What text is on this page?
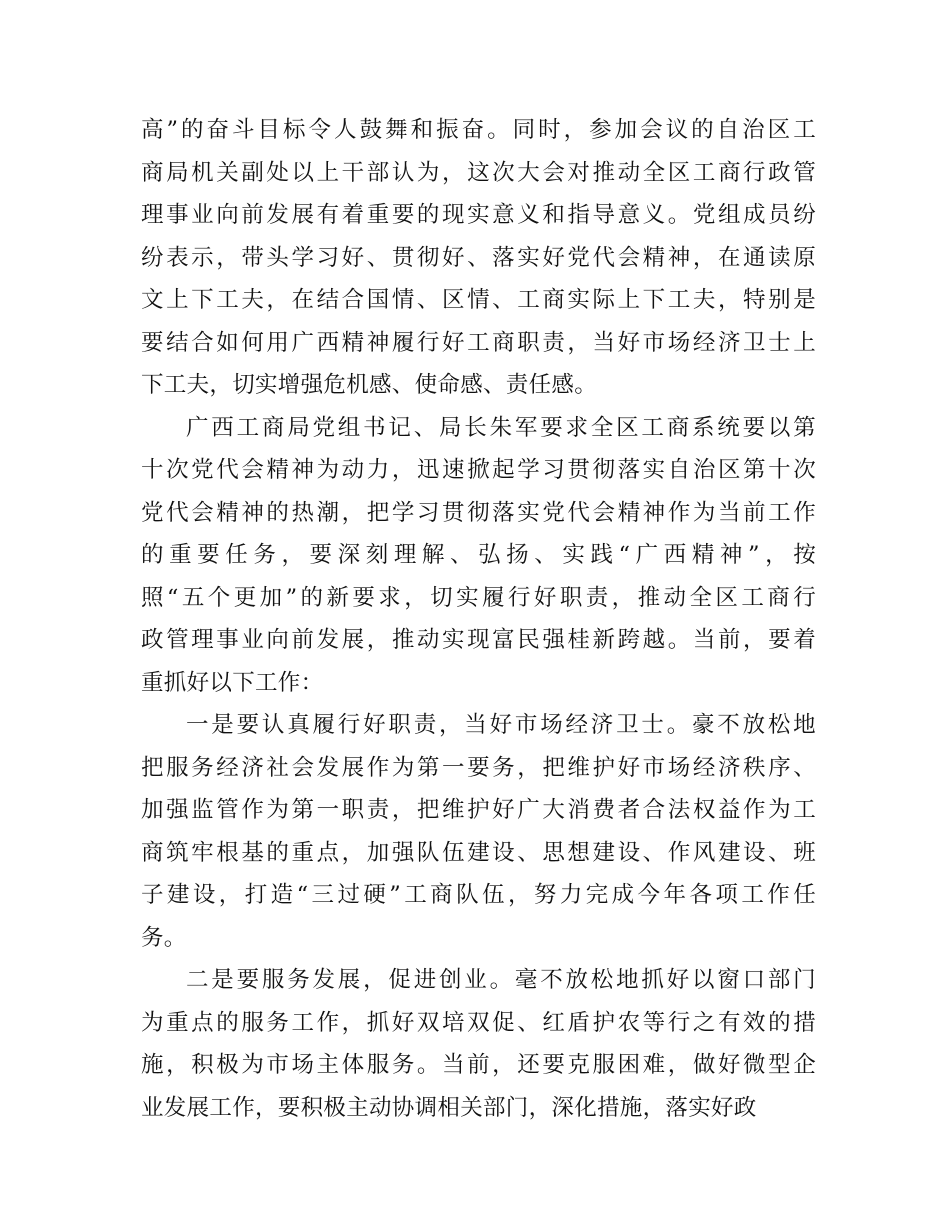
高”的奋斗目标令人鼓舞和振奋。同时，参加会议的自治区工
商局机关副处以上干部认为，这次大会对推动全区工商行政管
理事业向前发展有着重要的现实意义和指导意义。党组成员纷
纷表示，带头学习好、贯彻好、落实好党代会精神，在通读原
文上下工夫，在结合国情、区情、工商实际上下工夫，特别是
要结合如何用广西精神履行好工商职责，当好市场经济卫士上
下工夫，切实增强危机感、使命感、责任感。
广西工商局党组书记、局长朱军要求全区工商系统要以第
十次党代会精神为动力，迅速掀起学习贯彻落实自治区第十次
党代会精神的热潮，把学习贯彻落实党代会精神作为当前工作
的重要任务，要深刻理解、弘扬、实践“广西精神”，按
照“五个更加”的新要求，切实履行好职责，推动全区工商行
政管理事业向前发展，推动实现富民强桂新跨越。当前，要着
重抓好以下工作：
一是要认真履行好职责，当好市场经济卫士。豪不放松地
把服务经济社会发展作为第一要务，把维护好市场经济秩序、
加强监管作为第一职责，把维护好广大消费者合法权益作为工
商筑牢根基的重点，加强队伍建设、思想建设、作风建设、班
子建设，打造“三过硬”工商队伍，努力完成今年各项工作任
务。
二是要服务发展，促进创业。毫不放松地抓好以窗口部门
为重点的服务工作，抓好双培双促、红盾护农等行之有效的措
施，积极为市场主体服务。当前，还要克服困难，做好微型企
业发展工作，要积极主动协调相关部门，深化措施，落实好政
